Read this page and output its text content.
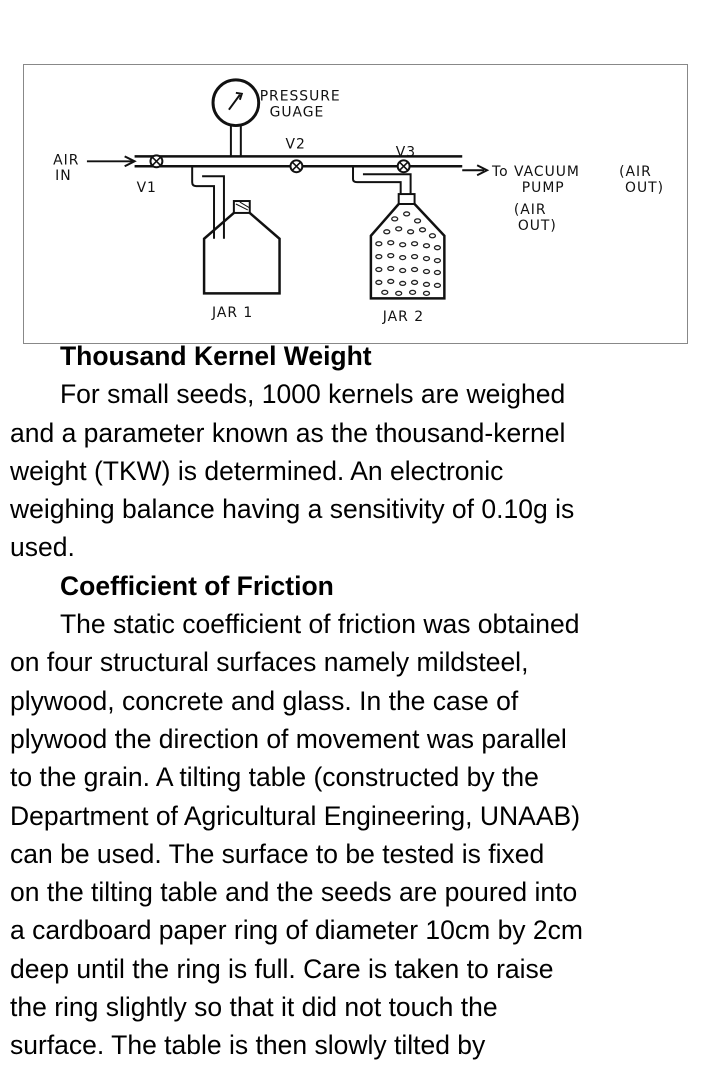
PRESSURE
GUAGE
AIR
IN
V1
V2	V3
To VACUUM
PUMP
(AIR
OUT)
(AIR
OUT)
JAR 1	JAR 2
Thousand Kernel Weight
For small seeds, 1000 kernels are weighed
and a parameter known as the thousand-kernel
weight (TKW) is determined. An electronic
weighing balance having a sensitivity of 0.10g is
used.
Coefficient of Friction
The static coefficient of friction was obtained
on four structural surfaces namely mildsteel,
plywood, concrete and glass. In the case of
plywood the direction of movement was parallel
to the grain. A tilting table (constructed by the
Department of Agricultural Engineering, UNAAB)
can be used. The surface to be tested is fixed
on the tilting table and the seeds are poured into
a cardboard paper ring of diameter 10cm by 2cm
deep until the ring is full. Care is taken to raise
the ring slightly so that it did not touch the
surface. The table is then slowly tilted by
